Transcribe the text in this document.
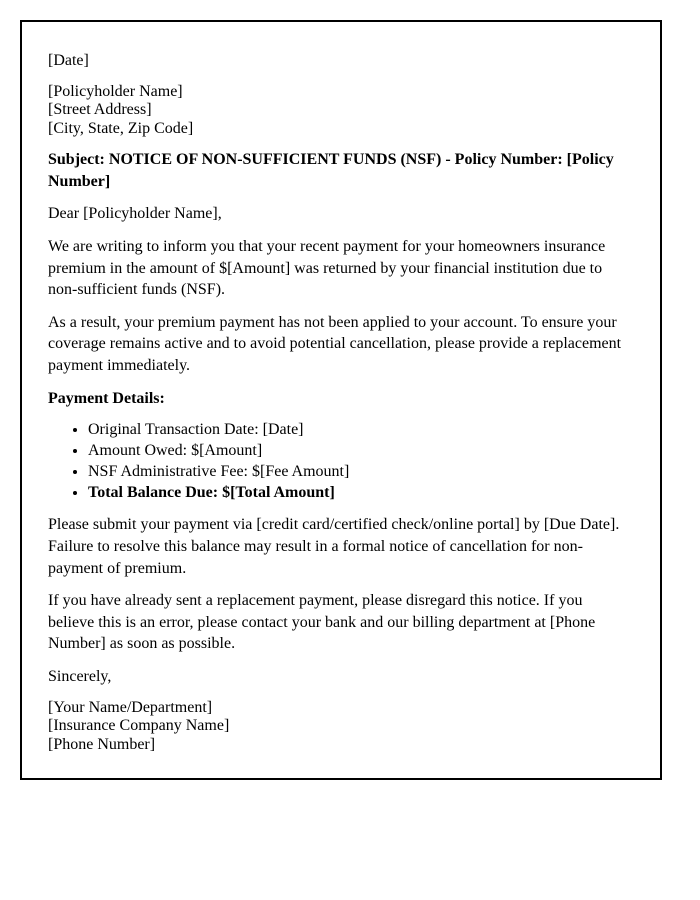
[Date]

[Policyholder Name]
[Street Address]
[City, State, Zip Code]

Subject: NOTICE OF NON-SUFFICIENT FUNDS (NSF) - Policy Number: [Policy Number]

Dear [Policyholder Name],

We are writing to inform you that your recent payment for your homeowners insurance premium in the amount of $[Amount] was returned by your financial institution due to non-sufficient funds (NSF).

As a result, your premium payment has not been applied to your account. To ensure your coverage remains active and to avoid potential cancellation, please provide a replacement payment immediately.

Payment Details:

• Original Transaction Date: [Date]
• Amount Owed: $[Amount]
• NSF Administrative Fee: $[Fee Amount]
• Total Balance Due: $[Total Amount]

Please submit your payment via [credit card/certified check/online portal] by [Due Date]. Failure to resolve this balance may result in a formal notice of cancellation for non-payment of premium.

If you have already sent a replacement payment, please disregard this notice. If you believe this is an error, please contact your bank and our billing department at [Phone Number] as soon as possible.

Sincerely,

[Your Name/Department]
[Insurance Company Name]
[Phone Number]
